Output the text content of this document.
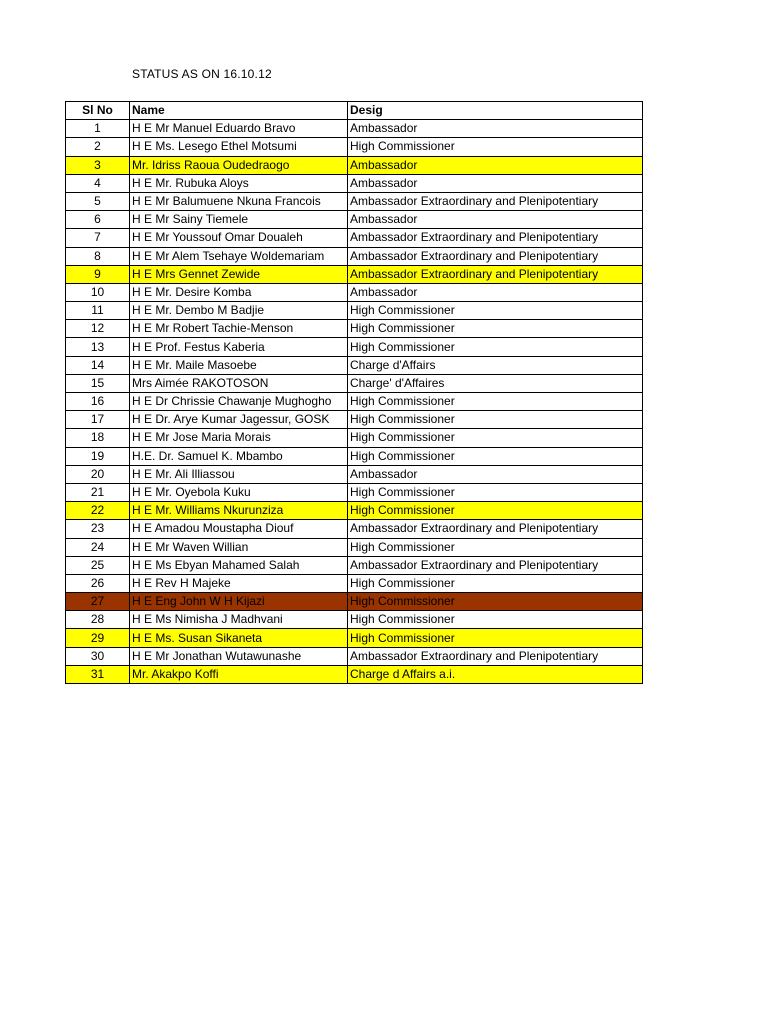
STATUS AS ON 16.10.12
Sl No	Name	Desig
1	H E Mr Manuel Eduardo Bravo	Ambassador
2	H E Ms. Lesego Ethel Motsumi	High Commissioner
3	Mr. Idriss Raoua Oudedraogo	Ambassador
4	H E Mr. Rubuka Aloys	Ambassador
5	H E Mr Balumuene Nkuna Francois	Ambassador Extraordinary and Plenipotentiary
6	H E Mr Sainy Tiemele	Ambassador
7	H E Mr Youssouf Omar Doualeh	Ambassador Extraordinary and Plenipotentiary
8	H E Mr Alem Tsehaye Woldemariam	Ambassador Extraordinary and Plenipotentiary
9	H E Mrs Gennet Zewide	Ambassador Extraordinary and Plenipotentiary
10	H E Mr. Desire Komba	Ambassador
11	H E Mr. Dembo M Badjie	High Commissioner
12	H E Mr Robert Tachie-Menson	High Commissioner
13	H E Prof. Festus Kaberia	High Commissioner
14	H E Mr. Maile Masoebe	Charge d'Affairs
15	Mrs Aimée RAKOTOSON	Charge' d'Affaires
16	H E Dr Chrissie Chawanje Mughogho	High Commissioner
17	H E Dr. Arye Kumar Jagessur, GOSK	High Commissioner
18	H E Mr Jose Maria Morais	High Commissioner
19	H.E. Dr. Samuel K. Mbambo	High Commissioner
20	H E Mr. Ali Illiassou	Ambassador
21	H E Mr. Oyebola Kuku	High Commissioner
22	H E Mr. Williams Nkurunziza	High Commissioner
23	H E Amadou Moustapha Diouf	Ambassador Extraordinary and Plenipotentiary
24	H E Mr Waven Willian	High Commissioner
25	H E Ms Ebyan Mahamed Salah	Ambassador Extraordinary and Plenipotentiary
26	H E Rev H Majeke	High Commissioner
27	H E Eng John W H Kijazi	High Commissioner
28	H E Ms Nimisha J Madhvani	High Commissioner
29	H E Ms. Susan Sikaneta	High Commissioner
30	H E Mr Jonathan Wutawunashe	Ambassador Extraordinary and Plenipotentiary
31	Mr. Akakpo Koffi	Charge d Affairs a.i.
